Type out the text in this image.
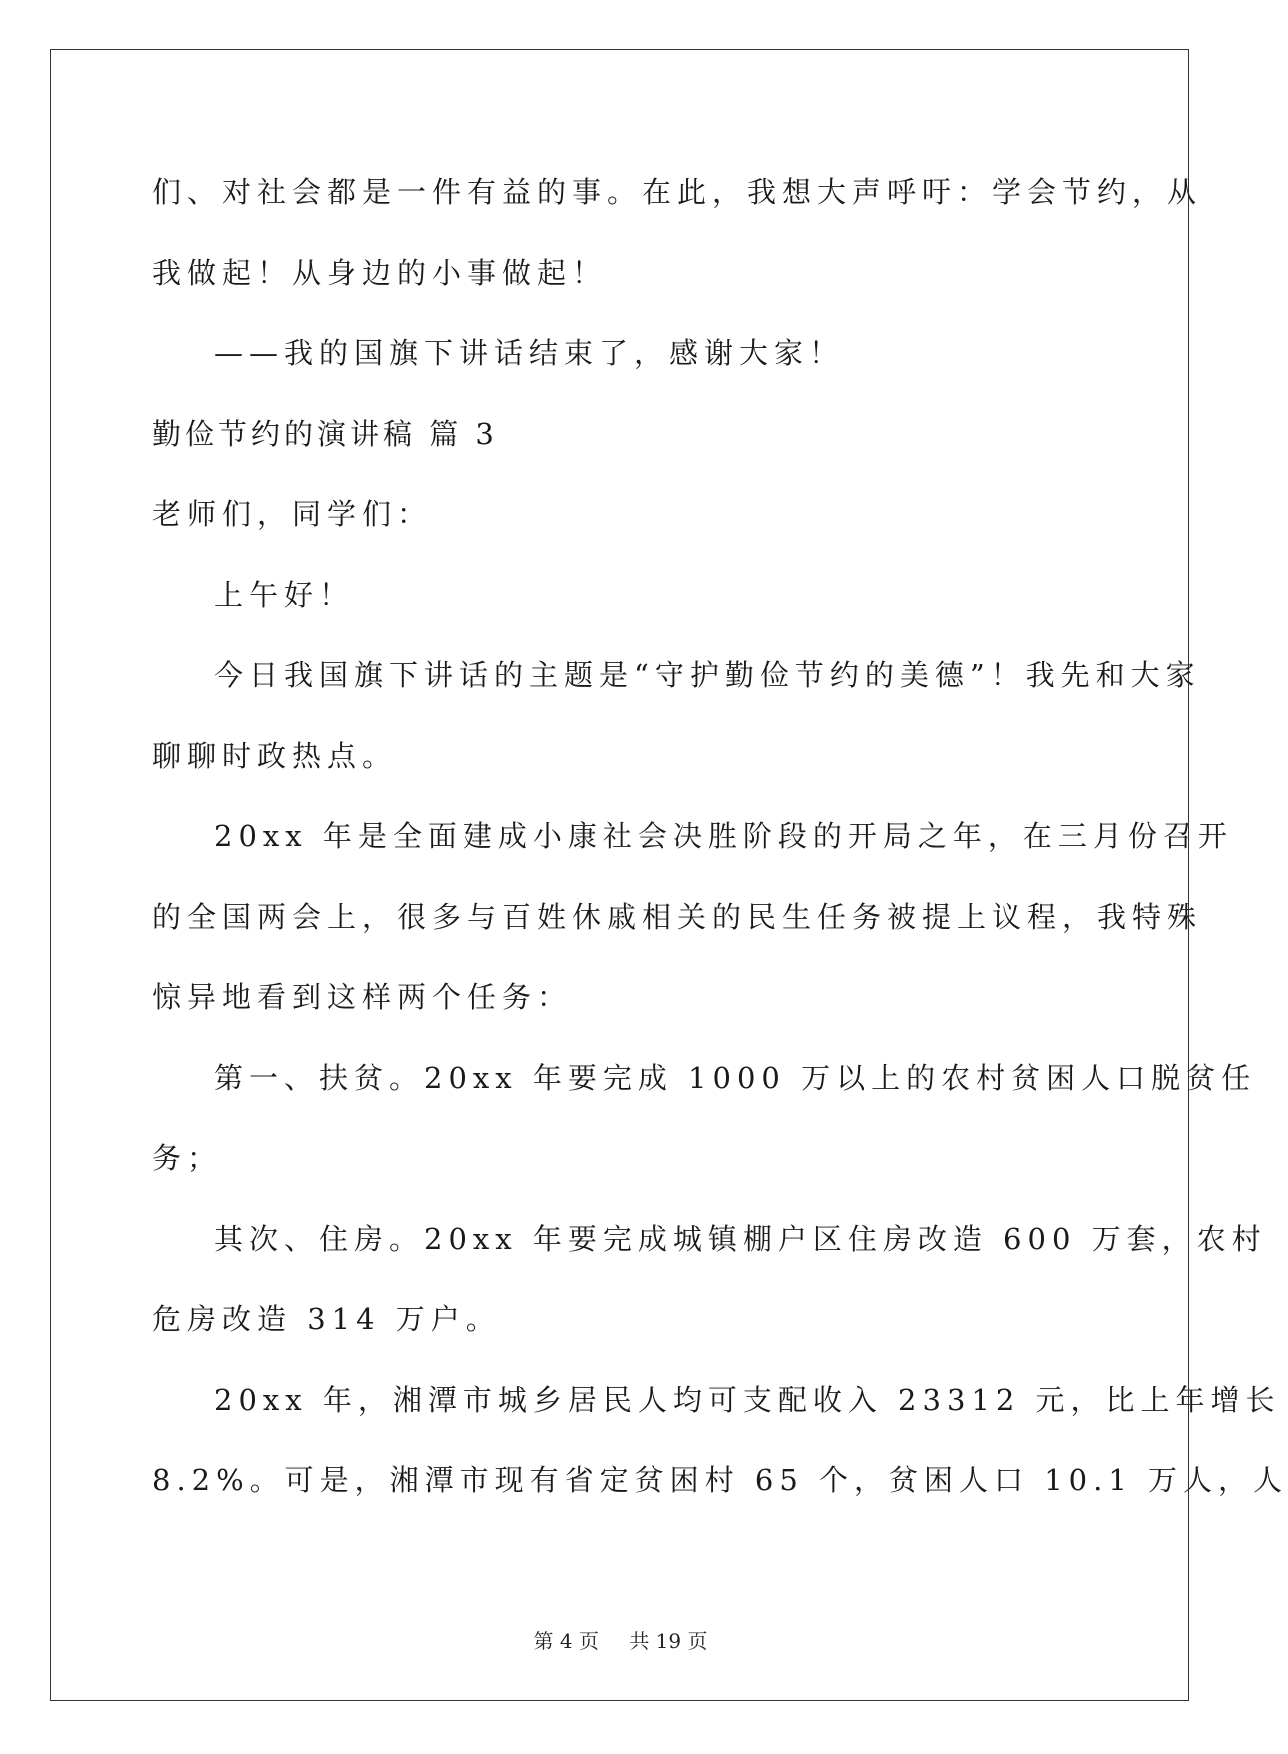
们、对社会都是一件有益的事。在此，我想大声呼吁：学会节约，从
我做起！从身边的小事做起！
——我的国旗下讲话结束了，感谢大家！
勤俭节约的演讲稿 篇 3
老师们，同学们：
上午好！
今日我国旗下讲话的主题是“守护勤俭节约的美德”！我先和大家
聊聊时政热点。
20xx 年是全面建成小康社会决胜阶段的开局之年，在三月份召开
的全国两会上，很多与百姓休戚相关的民生任务被提上议程，我特殊
惊异地看到这样两个任务：
第一、扶贫。20xx 年要完成 1000 万以上的农村贫困人口脱贫任
务；
其次、住房。20xx 年要完成城镇棚户区住房改造 600 万套，农村
危房改造 314 万户。
20xx 年，湘潭市城乡居民人均可支配收入 23312 元，比上年增长
8.2%。可是，湘潭市现有省定贫困村 65 个，贫困人口 10.1 万人，人
第 4 页 共 19 页
